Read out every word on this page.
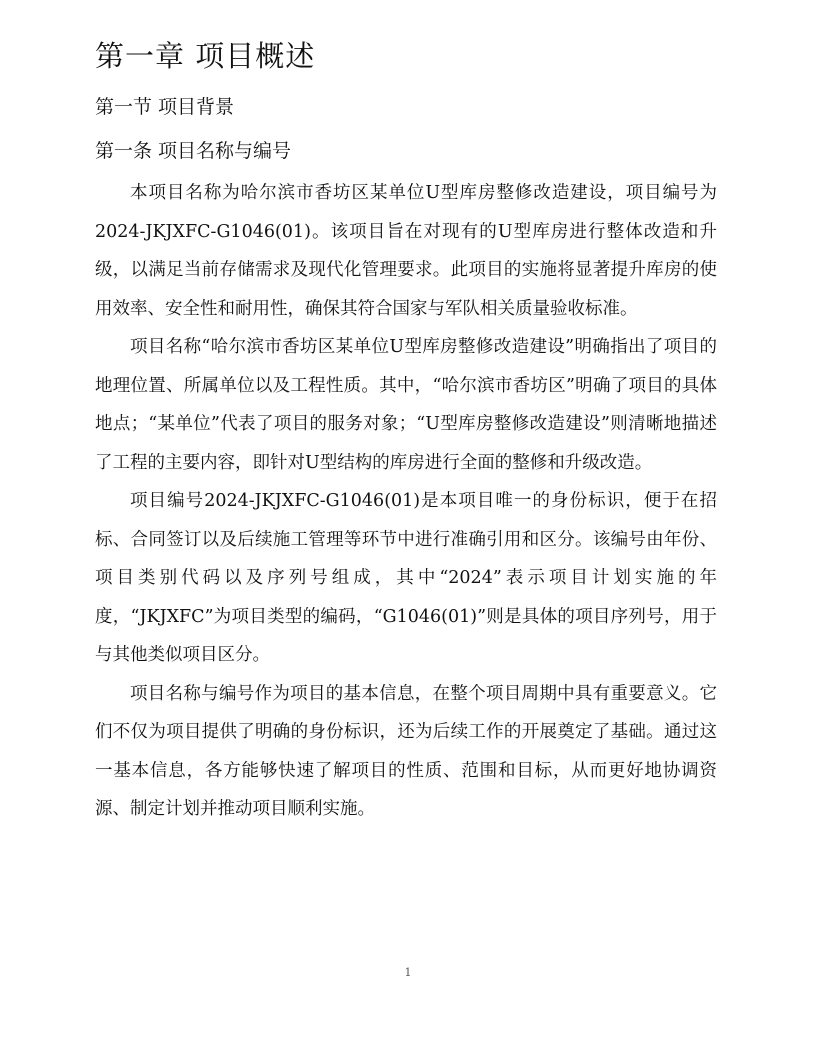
第一章 项目概述
第一节 项目背景
第一条 项目名称与编号

本项目名称为哈尔滨市香坊区某单位U型库房整修改造建设，项目编号为2024-JKJXFC-G1046(01)。该项目旨在对现有的U型库房进行整体改造和升级，以满足当前存储需求及现代化管理要求。此项目的实施将显著提升库房的使用效率、安全性和耐用性，确保其符合国家与军队相关质量验收标准。

项目名称“哈尔滨市香坊区某单位U型库房整修改造建设”明确指出了项目的地理位置、所属单位以及工程性质。其中，“哈尔滨市香坊区”明确了项目的具体地点；“某单位”代表了项目的服务对象；“U型库房整修改造建设”则清晰地描述了工程的主要内容，即针对U型结构的库房进行全面的整修和升级改造。

项目编号2024-JKJXFC-G1046(01)是本项目唯一的身份标识，便于在招标、合同签订以及后续施工管理等环节中进行准确引用和区分。该编号由年份、项目类别代码以及序列号组成，其中“2024”表示项目计划实施的年度，“JKJXFC”为项目类型的编码，“G1046(01)”则是具体的项目序列号，用于与其他类似项目区分。

项目名称与编号作为项目的基本信息，在整个项目周期中具有重要意义。它们不仅为项目提供了明确的身份标识，还为后续工作的开展奠定了基础。通过这一基本信息，各方能够快速了解项目的性质、范围和目标，从而更好地协调资源、制定计划并推动项目顺利实施。

1
